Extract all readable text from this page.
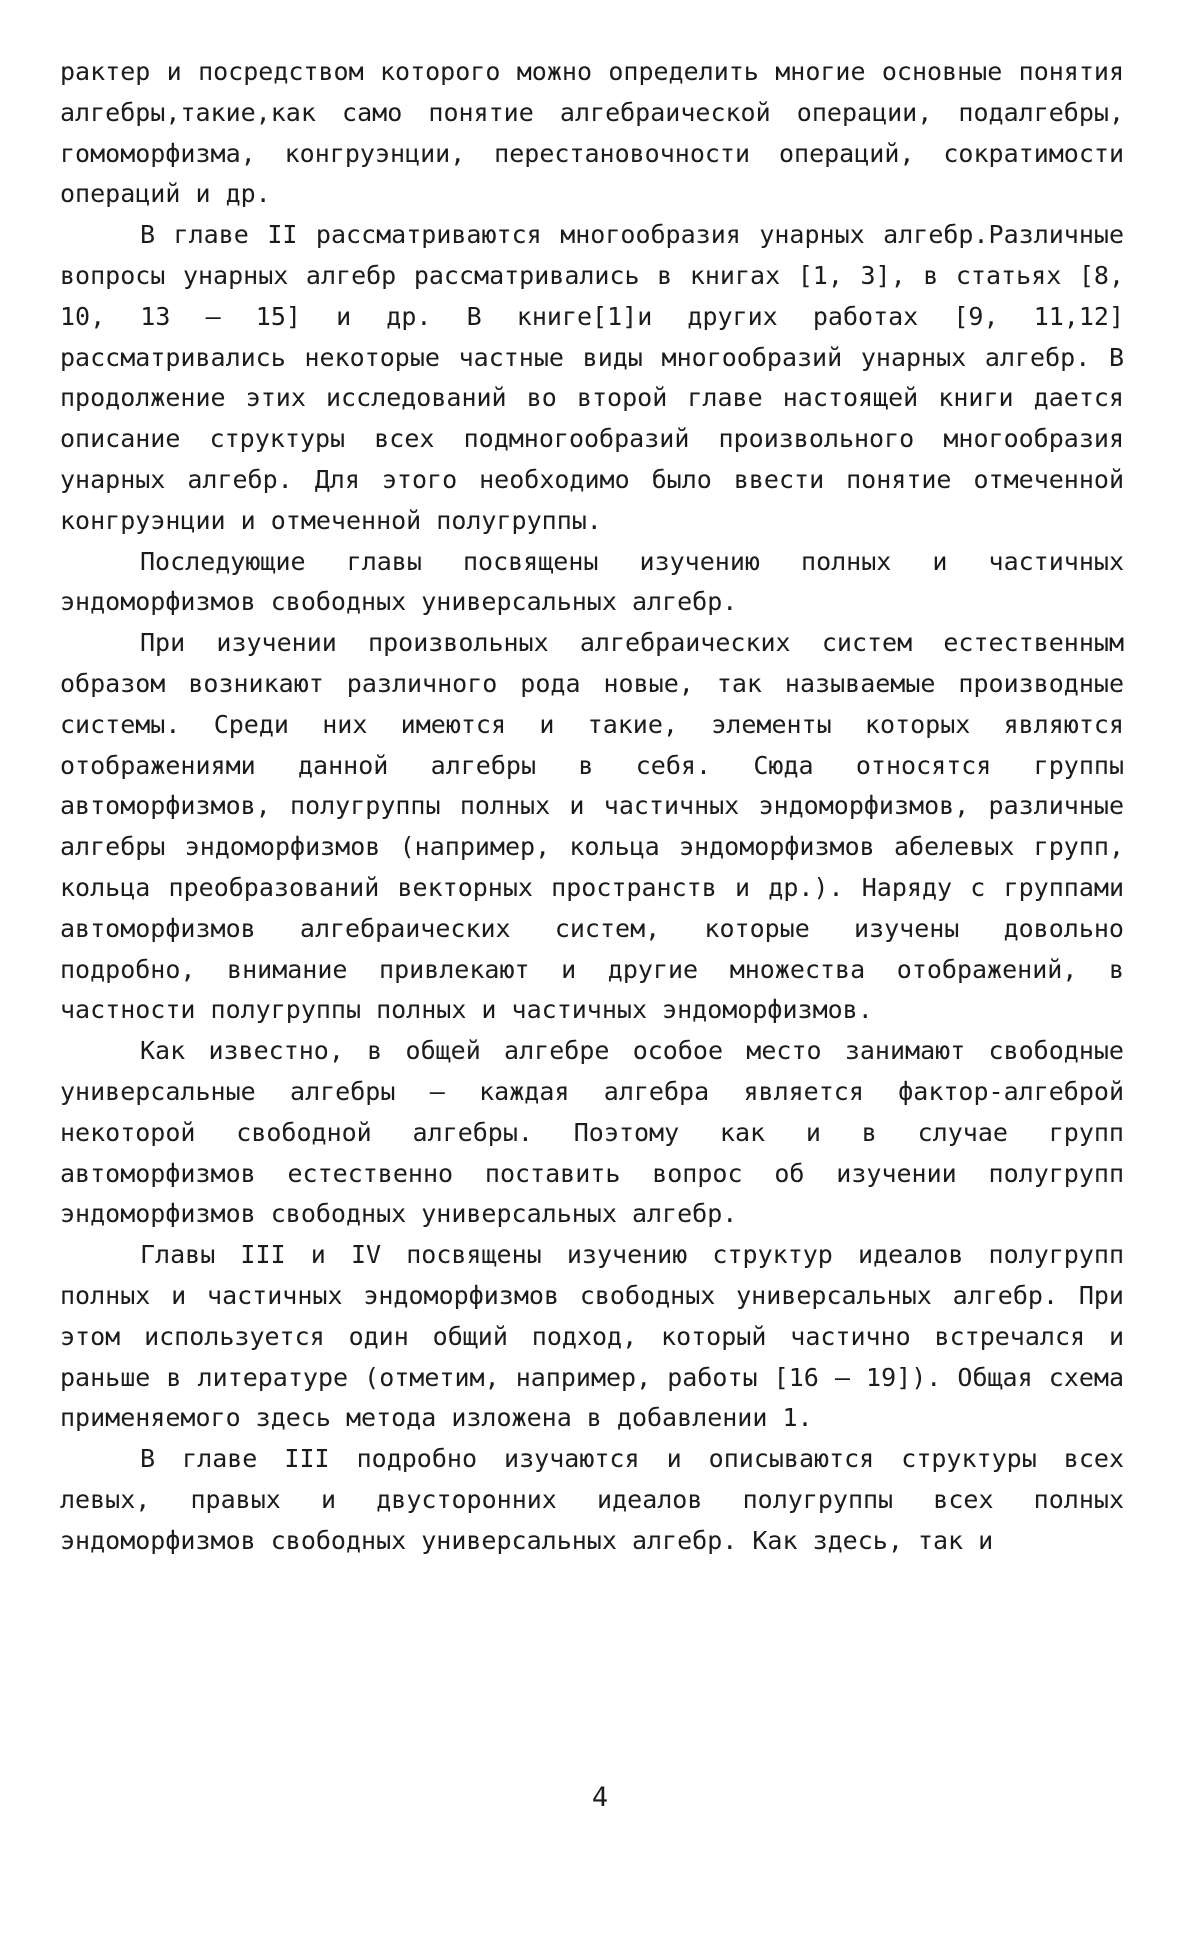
рактер и посредством которого можно определить многие основные понятия алгебры,такие,как само понятие алгебраической операции, подалгебры, гомоморфизма, конгруэнции, перестановочности операций, сократимости операций и др.

В главе II рассматриваются многообразия унарных алгебр.Различные вопросы унарных алгебр рассматривались в книгах [1, 3], в статьях [8, 10, 13 – 15] и др. В книге[1]и других работах [9, 11,12] рассматривались некоторые частные виды многообразий унарных алгебр. В продолжение этих исследований во второй главе настоящей книги дается описание структуры всех подмногообразий произвольного многообразия унарных алгебр. Для этого необходимо было ввести понятие отмеченной конгруэнции и отмеченной полугруппы.

Последующие главы посвящены изучению полных и частичных эндоморфизмов свободных универсальных алгебр.

При изучении произвольных алгебраических систем естественным образом возникают различного рода новые, так называемые производные системы. Среди них имеются и такие, элементы которых являются отображениями данной алгебры в себя. Сюда относятся группы автоморфизмов, полугруппы полных и частичных эндоморфизмов, различные алгебры эндоморфизмов (например, кольца эндоморфизмов абелевых групп, кольца преобразований векторных пространств и др.). Наряду с группами автоморфизмов алгебраических систем, которые изучены довольно подробно, внимание привлекают и другие множества отображений, в частности полугруппы полных и частичных эндоморфизмов.

Как известно, в общей алгебре особое место занимают свободные универсальные алгебры – каждая алгебра является фактор-алгеброй некоторой свободной алгебры. Поэтому как и в случае групп автоморфизмов естественно поставить вопрос об изучении полугрупп эндоморфизмов свободных универсальных алгебр.

Главы III и IV посвящены изучению структур идеалов полугрупп полных и частичных эндоморфизмов свободных универсальных алгебр. При этом используется один общий подход, который частично встречался и раньше в литературе (отметим, например, работы [16 – 19]). Общая схема применяемого здесь метода изложена в добавлении 1.

В главе III подробно изучаются и описываются структуры всех левых, правых и двусторонних идеалов полугруппы всех полных эндоморфизмов свободных универсальных алгебр. Как здесь, так и

4
